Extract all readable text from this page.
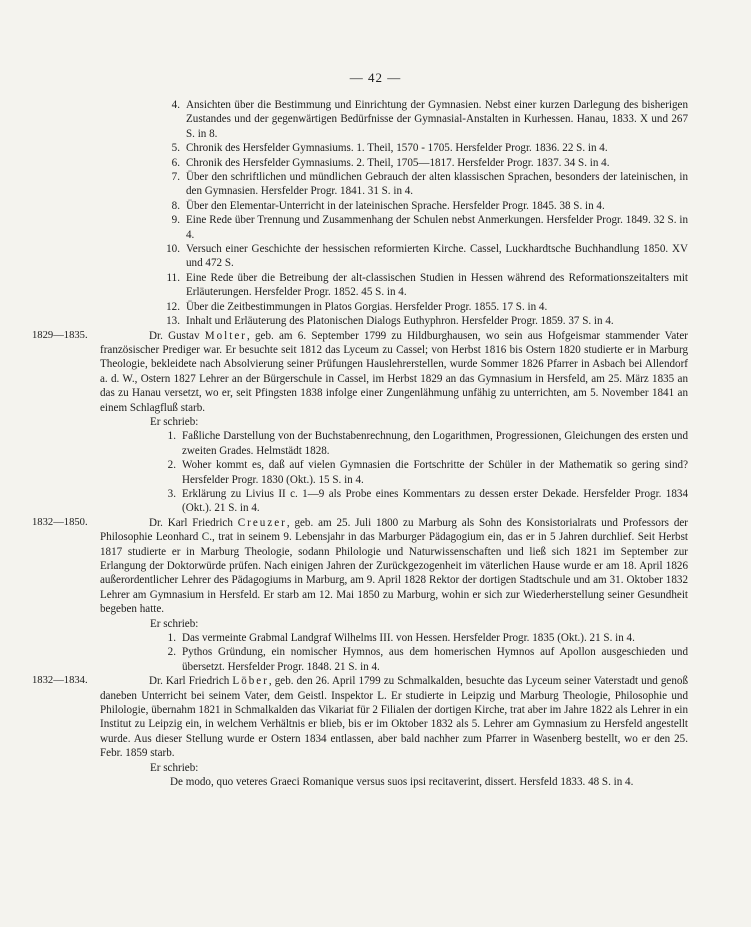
— 42 —
4. Ansichten über die Bestimmung und Einrichtung der Gymnasien. Nebst einer kurzen Darlegung des bisherigen Zustandes und der gegenwärtigen Bedürfnisse der Gymnasial-Anstalten in Kurhessen. Hanau, 1833. X und 267 S. in 8.
5. Chronik des Hersfelder Gymnasiums. 1. Theil, 1570 - 1705. Hersfelder Progr. 1836. 22 S. in 4.
6. Chronik des Hersfelder Gymnasiums. 2. Theil, 1705—1817. Hersfelder Progr. 1837. 34 S. in 4.
7. Über den schriftlichen und mündlichen Gebrauch der alten klassischen Sprachen, besonders der lateinischen, in den Gymnasien. Hersfelder Progr. 1841. 31 S. in 4.
8. Über den Elementar-Unterricht in der lateinischen Sprache. Hersfelder Progr. 1845. 38 S. in 4.
9. Eine Rede über Trennung und Zusammenhang der Schulen nebst Anmerkungen. Hersfelder Progr. 1849. 32 S. in 4.
10. Versuch einer Geschichte der hessischen reformierten Kirche. Cassel, Luckhardtsche Buchhandlung 1850. XV und 472 S.
11. Eine Rede über die Betreibung der alt-classischen Studien in Hessen während des Reformationszeitalters mit Erläuterungen. Hersfelder Progr. 1852. 45 S. in 4.
12. Über die Zeitbestimmungen in Platos Gorgias. Hersfelder Progr. 1855. 17 S. in 4.
13. Inhalt und Erläuterung des Platonischen Dialogs Euthyphron. Hersfelder Progr. 1859. 37 S. in 4.
1829—1835.	Dr. Gustav Molter, geb. am 6. September 1799 zu Hildburghausen, wo sein aus Hofgeismar stammender Vater französischer Prediger war. Er besuchte seit 1812 das Lyceum zu Cassel; von Herbst 1816 bis Ostern 1820 studierte er in Marburg Theologie, bekleidete nach Absolvierung seiner Prüfungen Hauslehrerstellen, wurde Sommer 1826 Pfarrer in Asbach bei Allendorf a. d. W., Ostern 1827 Lehrer an der Bürgerschule in Cassel, im Herbst 1829 an das Gymnasium in Hersfeld, am 25. März 1835 an das zu Hanau versetzt, wo er, seit Pfingsten 1838 infolge einer Zungenlähmung unfähig zu unterrichten, am 5. November 1841 an einem Schlagfluß starb.

Er schrieb:

1. Faßliche Darstellung von der Buchstabenrechnung, den Logarithmen, Progressionen, Gleichungen des ersten und zweiten Grades. Helmstädt 1828.
2. Woher kommt es, daß auf vielen Gymnasien die Fortschritte der Schüler in der Mathematik so gering sind? Hersfelder Progr. 1830 (Okt.). 15 S. in 4.
3. Erklärung zu Livius II c. 1—9 als Probe eines Kommentars zu dessen erster Dekade. Hersfelder Progr. 1834 (Okt.). 21 S. in 4.
1832—1850.	Dr. Karl Friedrich Creuzer, geb. am 25. Juli 1800 zu Marburg als Sohn des Konsistorialrats und Professors der Philosophie Leonhard C., trat in seinem 9. Lebensjahr in das Marburger Pädagogium ein, das er in 5 Jahren durchlief. Seit Herbst 1817 studierte er in Marburg Theologie, sodann Philologie und Naturwissenschaften und ließ sich 1821 im September zur Erlangung der Doktorwürde prüfen. Nach einigen Jahren der Zurückgezogenheit im väterlichen Hause wurde er am 18. April 1826 außerordentlicher Lehrer des Pädagogiums in Marburg, am 9. April 1828 Rektor der dortigen Stadtschule und am 31. Oktober 1832 Lehrer am Gymnasium in Hersfeld. Er starb am 12. Mai 1850 zu Marburg, wohin er sich zur Wiederherstellung seiner Gesundheit begeben hatte.

Er schrieb:

1. Das vermeinte Grabmal Landgraf Wilhelms III. von Hessen. Hersfelder Progr. 1835 (Okt.). 21 S. in 4.
2. Pythos Gründung, ein nomischer Hymnos, aus dem homerischen Hymnos auf Apollon ausgeschieden und übersetzt. Hersfelder Progr. 1848. 21 S. in 4.
1832—1834.	Dr. Karl Friedrich Löber, geb. den 26. April 1799 zu Schmalkalden, besuchte das Lyceum seiner Vaterstadt und genoß daneben Unterricht bei seinem Vater, dem Geistl. Inspektor L. Er studierte in Leipzig und Marburg Theologie, Philosophie und Philologie, übernahm 1821 in Schmalkalden das Vikariat für 2 Filialen der dortigen Kirche, trat aber im Jahre 1822 als Lehrer in ein Institut zu Leipzig ein, in welchem Verhältnis er blieb, bis er im Oktober 1832 als 5. Lehrer am Gymnasium zu Hersfeld angestellt wurde. Aus dieser Stellung wurde er Ostern 1834 entlassen, aber bald nachher zum Pfarrer in Wasenberg bestellt, wo er den 25. Febr. 1859 starb.

Er schrieb:

De modo, quo veteres Graeci Romanique versus suos ipsi recitaverint, dissert. Hersfeld 1833. 48 S. in 4.
